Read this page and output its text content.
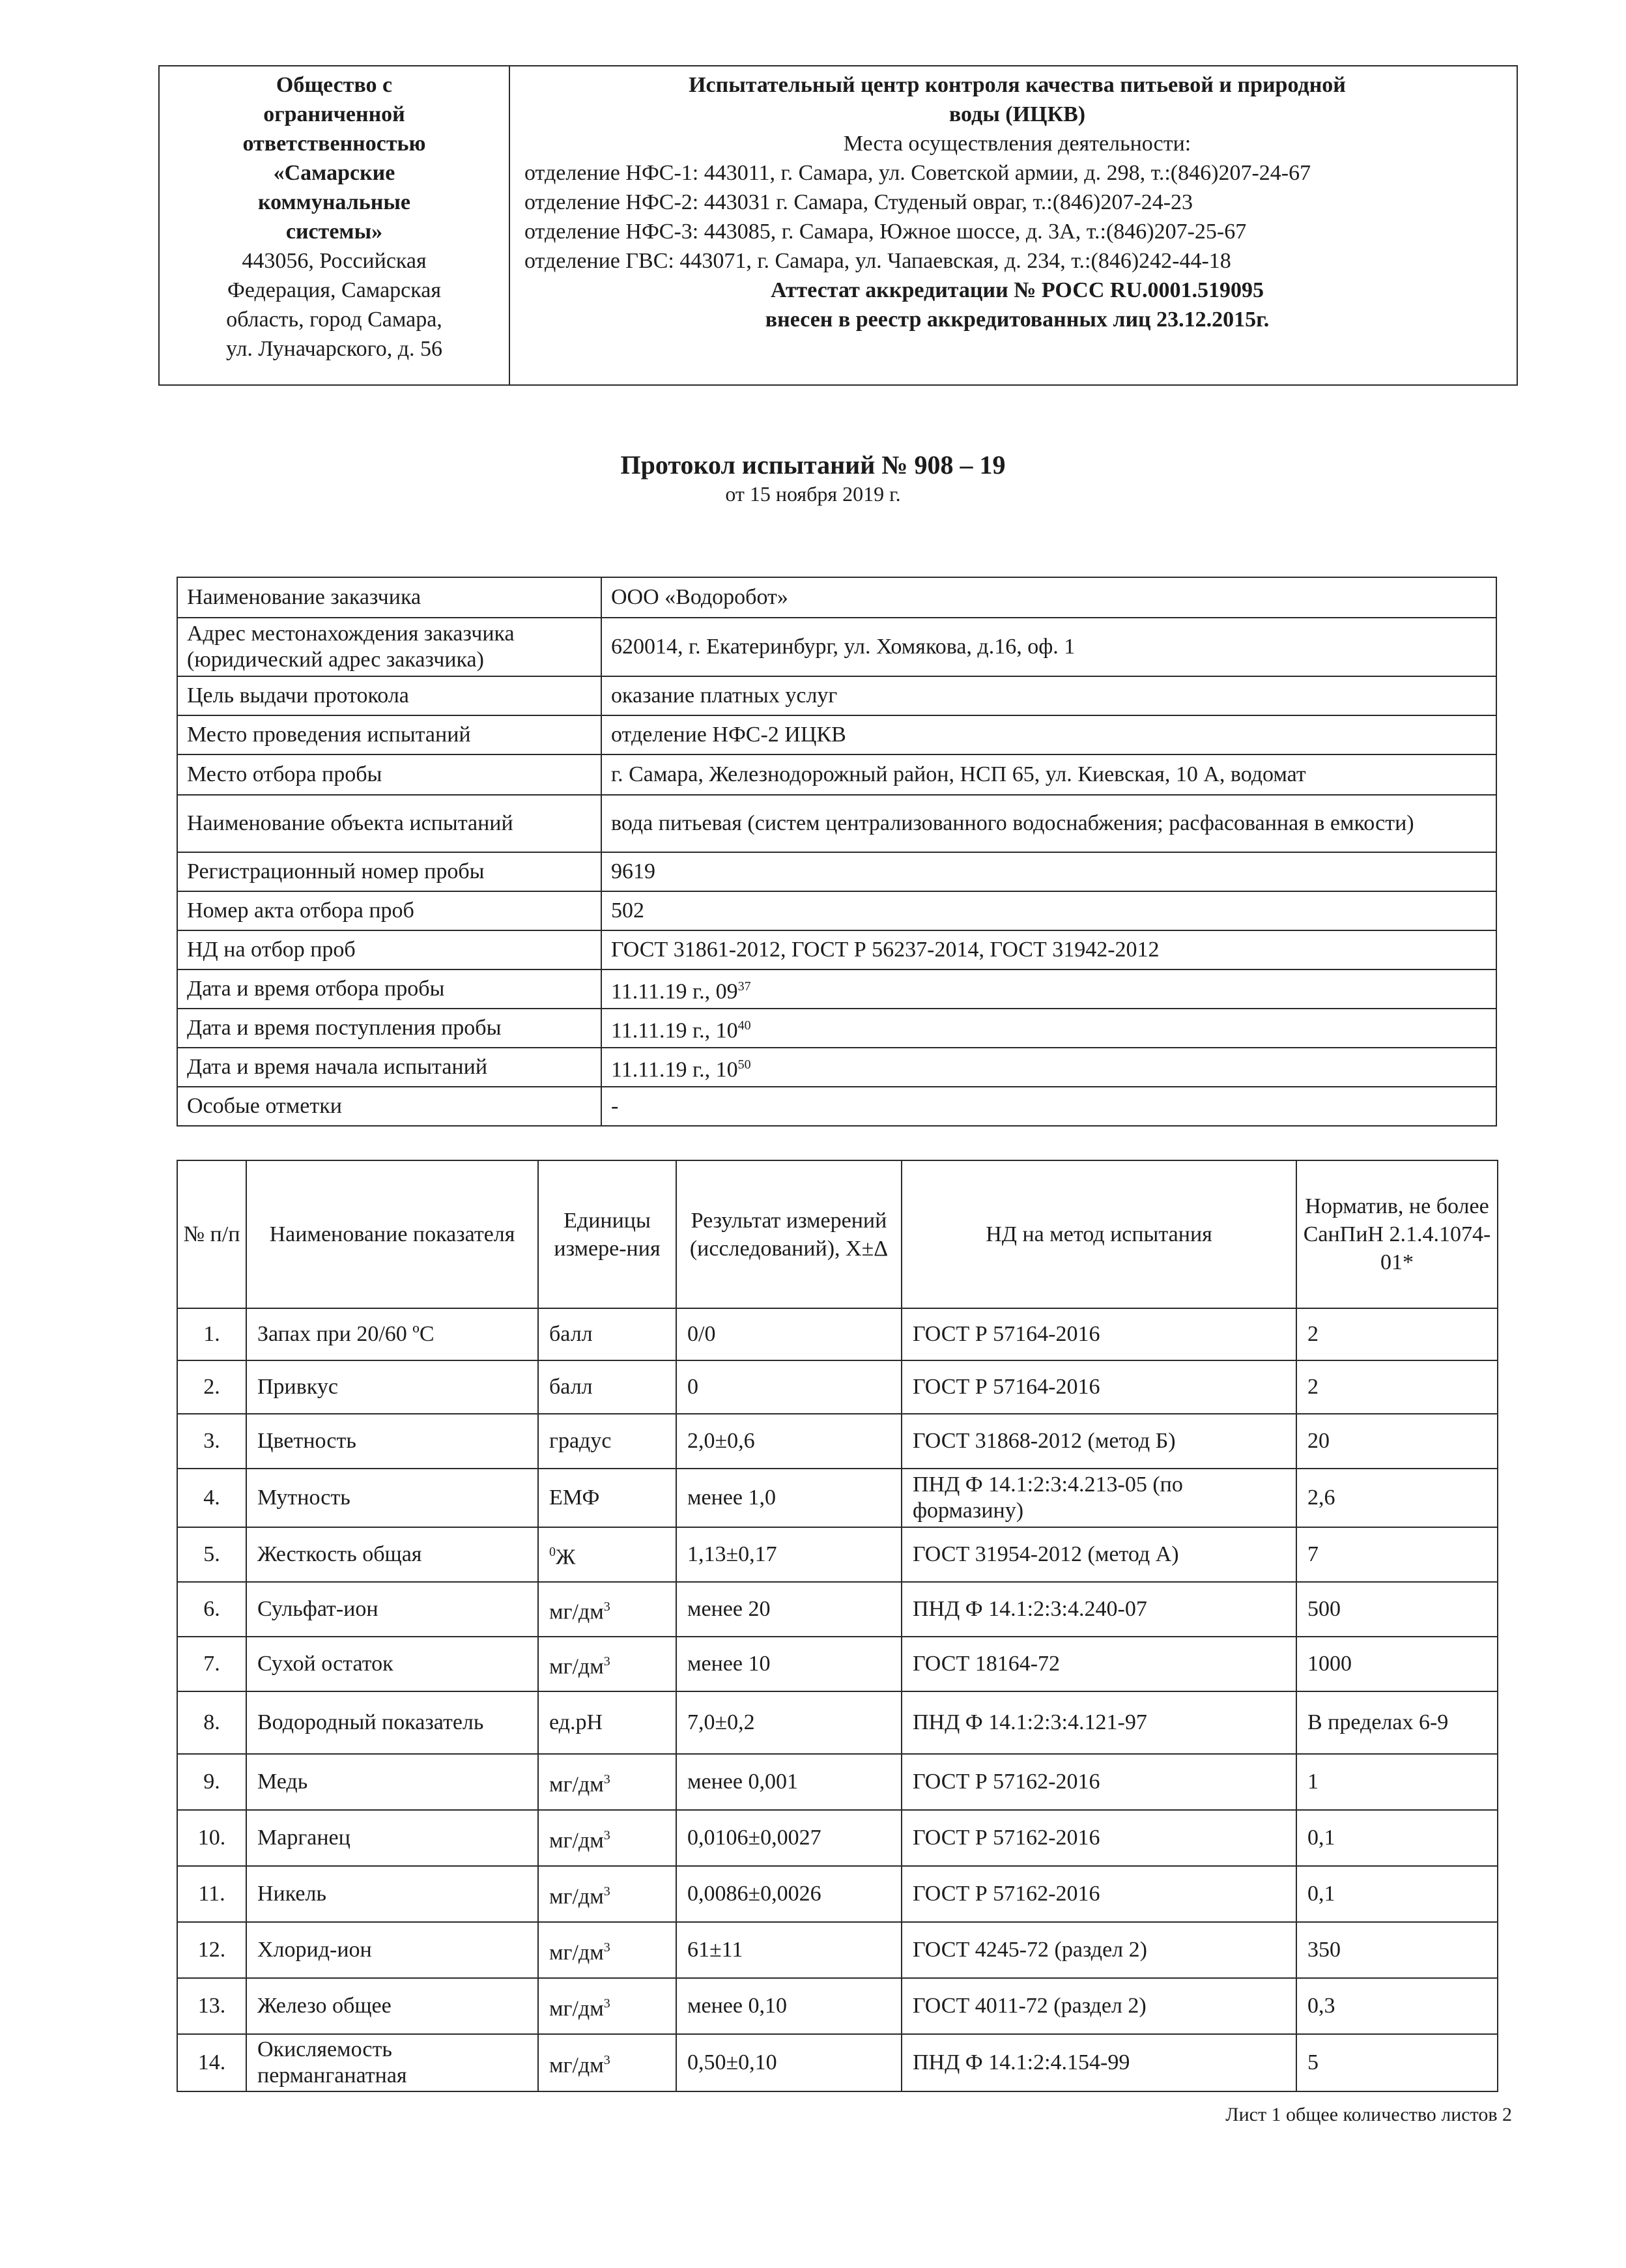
Общество с
ограниченной
ответственностью
«Самарские
коммунальные
системы»
443056, Российская
Федерация, Самарская
область, город Самара,
ул. Луначарского, д. 56

Испытательный центр контроля качества питьевой и природной
воды (ИЦКВ)
Места осуществления деятельности:
отделение НФС-1: 443011, г. Самара, ул. Советской армии, д. 298, т.:(846)207-24-67
отделение НФС-2: 443031 г. Самара, Студеный овраг, т.:(846)207-24-23
отделение НФС-3: 443085, г. Самара, Южное шоссе, д. 3А, т.:(846)207-25-67
отделение ГВС: 443071, г. Самара, ул. Чапаевская, д. 234, т.:(846)242-44-18
Аттестат аккредитации № РОСС RU.0001.519095
внесен в реестр аккредитованных лиц 23.12.2015г.
Протокол испытаний № 908 – 19
от 15 ноября 2019 г.
Наименование заказчика	ООО «Водоробот»
Адрес местонахождения заказчика (юридический адрес заказчика)	620014, г. Екатеринбург, ул. Хомякова, д.16, оф. 1
Цель выдачи протокола	оказание платных услуг
Место проведения испытаний	отделение НФС-2 ИЦКВ
Место отбора пробы	г. Самара, Железнодорожный район, НСП 65, ул. Киевская, 10 А, водомат
Наименование объекта испытаний	вода питьевая (систем централизованного водоснабжения; расфасованная в емкости)
Регистрационный номер пробы	9619
Номер акта отбора проб	502
НД на отбор проб	ГОСТ 31861-2012, ГОСТ Р 56237-2014, ГОСТ 31942-2012
Дата и время отбора пробы	11.11.19 г., $09^{37}$
Дата и время поступления пробы	11.11.19 г., $10^{40}$
Дата и время начала испытаний	11.11.19 г., $10^{50}$
Особые отметки	-
№ п/п	Наименование показателя	Единицы измере-ния	Результат измерений (исследований), X±Δ	НД на метод испытания	Норматив, не более СанПиН 2.1.4.1074-01*
1.	Запах при 20/60 ºС	балл	0/0	ГОСТ Р 57164-2016	2
2.	Привкус	балл	0	ГОСТ Р 57164-2016	2
3.	Цветность	градус	2,0±0,6	ГОСТ 31868-2012 (метод Б)	20
4.	Мутность	ЕМФ	менее 1,0	ПНД Ф 14.1:2:3:4.213-05 (по формазину)	2,6
5.	Жесткость общая	$^0$Ж	1,13±0,17	ГОСТ 31954-2012 (метод А)	7
6.	Сульфат-ион	$мг/дм^3$	менее 20	ПНД Ф 14.1:2:3:4.240-07	500
7.	Сухой остаток	$мг/дм^3$	менее 10	ГОСТ 18164-72	1000
8.	Водородный показатель	ед.pH	7,0±0,2	ПНД Ф 14.1:2:3:4.121-97	В пределах 6-9
9.	Медь	$мг/дм^3$	менее 0,001	ГОСТ Р 57162-2016	1
10.	Марганец	$мг/дм^3$	0,0106±0,0027	ГОСТ Р 57162-2016	0,1
11.	Никель	$мг/дм^3$	0,0086±0,0026	ГОСТ Р 57162-2016	0,1
12.	Хлорид-ион	$мг/дм^3$	61±11	ГОСТ 4245-72 (раздел 2)	350
13.	Железо общее	$мг/дм^3$	менее 0,10	ГОСТ 4011-72 (раздел 2)	0,3
14.	Окисляемость перманганатная	$мг/дм^3$	0,50±0,10	ПНД Ф 14.1:2:4.154-99	5
Лист 1 общее количество листов 2
